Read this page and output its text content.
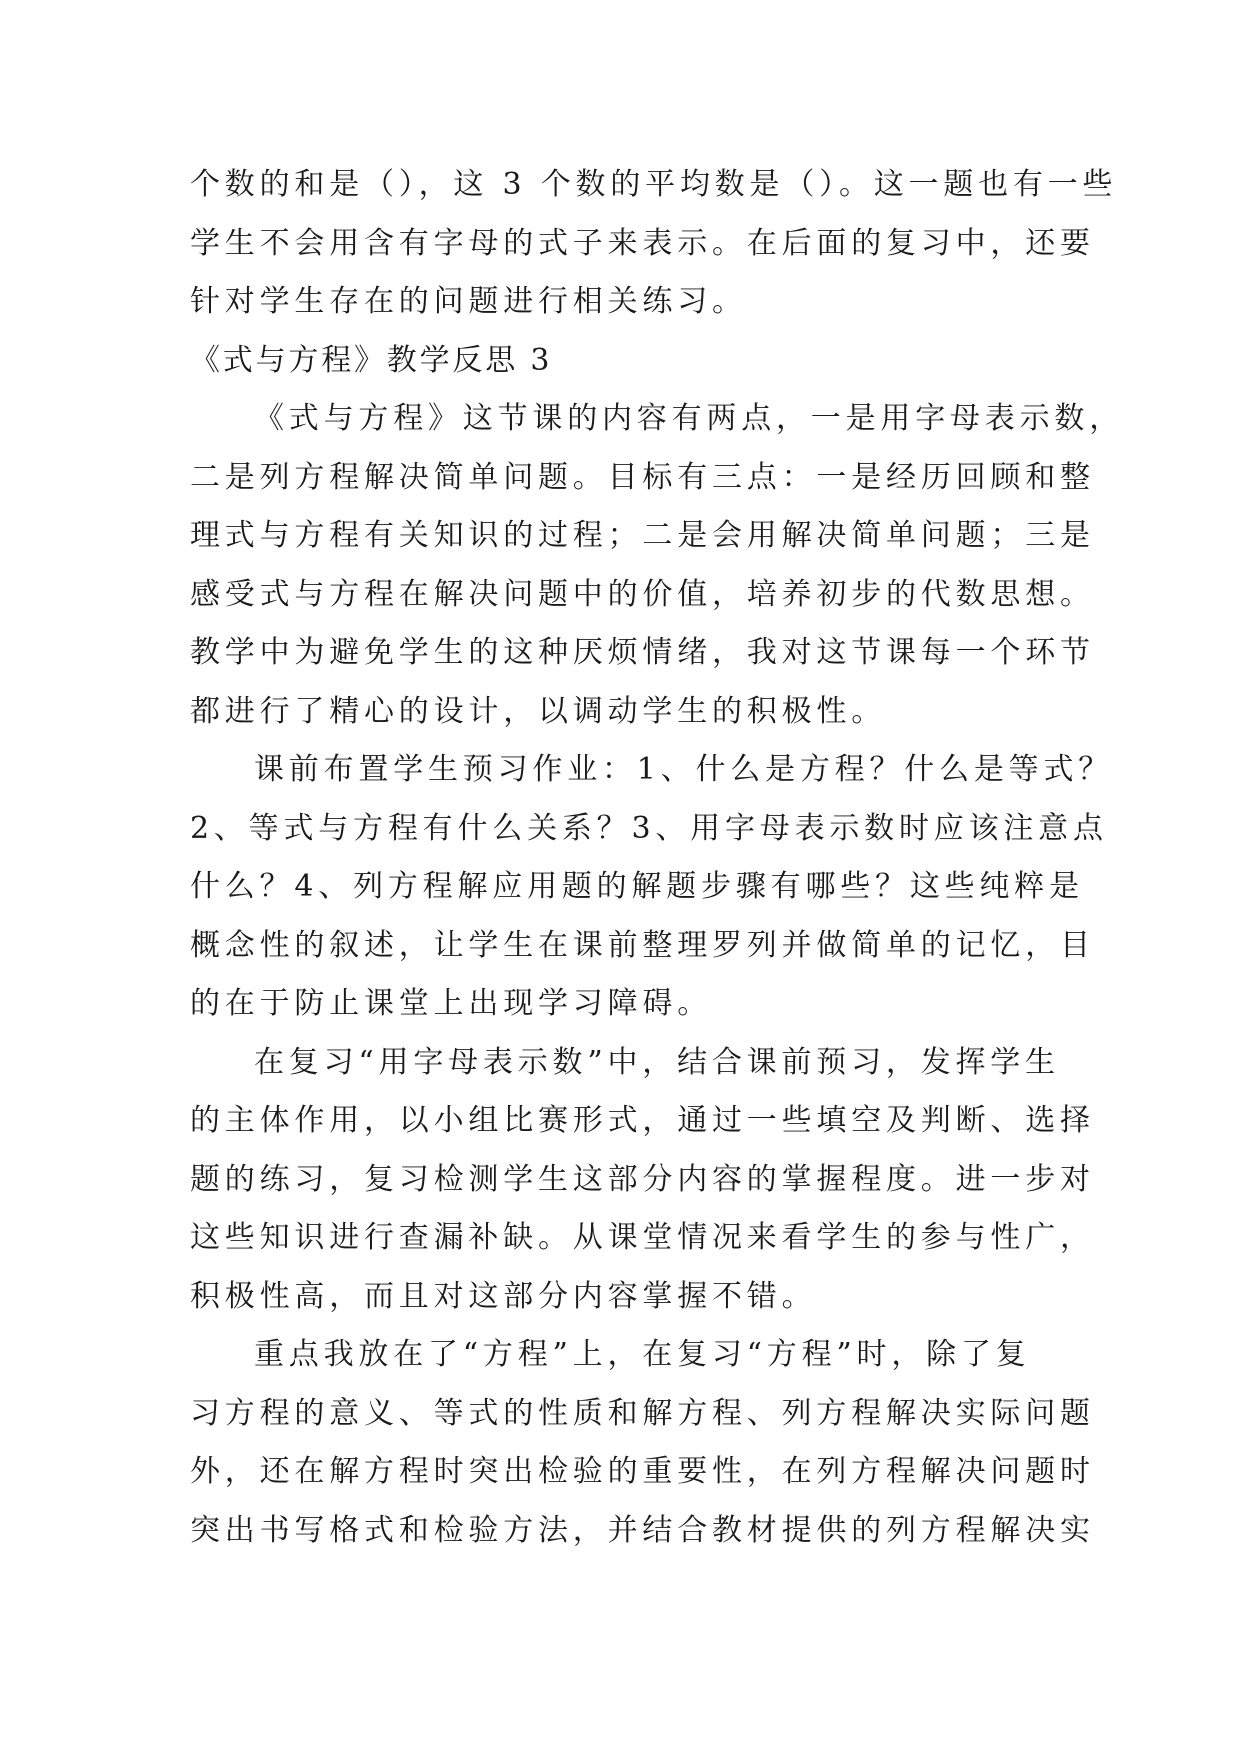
个数的和是（），这 3 个数的平均数是（）。这一题也有一些
学生不会用含有字母的式子来表示。在后面的复习中，还要
针对学生存在的问题进行相关练习。
《式与方程》教学反思 3
《式与方程》这节课的内容有两点，一是用字母表示数，
二是列方程解决简单问题。目标有三点：一是经历回顾和整
理式与方程有关知识的过程；二是会用解决简单问题；三是
感受式与方程在解决问题中的价值，培养初步的代数思想。
教学中为避免学生的这种厌烦情绪，我对这节课每一个环节
都进行了精心的设计，以调动学生的积极性。
课前布置学生预习作业：1、什么是方程？什么是等式？
2、等式与方程有什么关系？3、用字母表示数时应该注意点
什么？4、列方程解应用题的解题步骤有哪些？这些纯粹是
概念性的叙述，让学生在课前整理罗列并做简单的记忆，目
的在于防止课堂上出现学习障碍。
在复习“用字母表示数”中，结合课前预习，发挥学生
的主体作用，以小组比赛形式，通过一些填空及判断、选择
题的练习，复习检测学生这部分内容的掌握程度。进一步对
这些知识进行查漏补缺。从课堂情况来看学生的参与性广，
积极性高，而且对这部分内容掌握不错。
重点我放在了“方程”上，在复习“方程”时，除了复
习方程的意义、等式的性质和解方程、列方程解决实际问题
外，还在解方程时突出检验的重要性，在列方程解决问题时
突出书写格式和检验方法，并结合教材提供的列方程解决实
